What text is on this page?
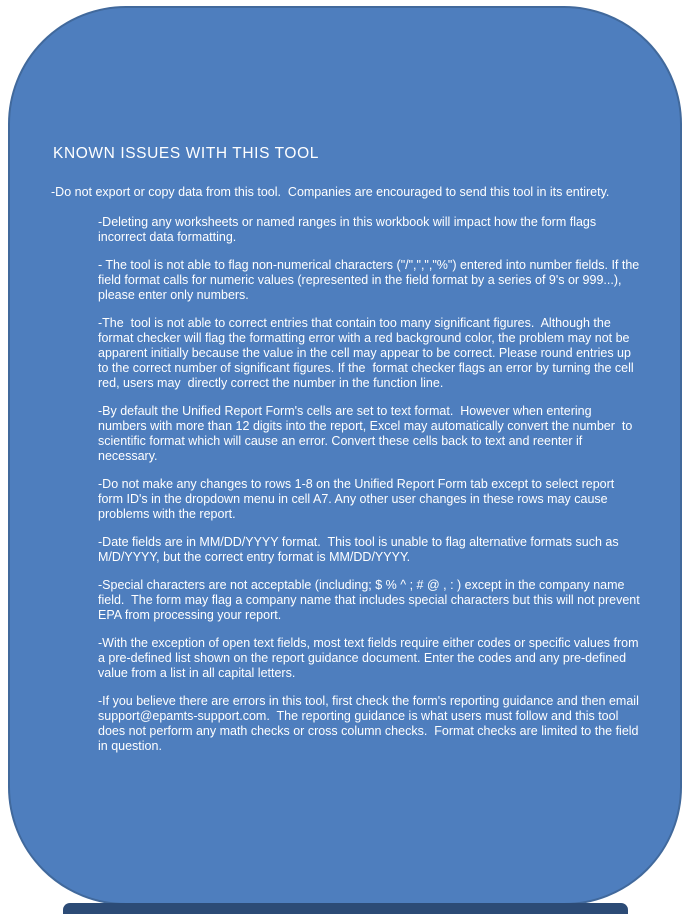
KNOWN ISSUES WITH THIS TOOL

-Do not export or copy data from this tool.  Companies are encouraged to send this tool in its entirety.

-Deleting any worksheets or named ranges in this workbook will impact how the form flags incorrect data formatting.

- The tool is not able to flag non-numerical characters ("/",",","%") entered into number fields. If the field format calls for numeric values (represented in the field format by a series of 9's or 999...), please enter only numbers.

-The  tool is not able to correct entries that contain too many significant figures.  Although the format checker will flag the formatting error with a red background color, the problem may not be apparent initially because the value in the cell may appear to be correct. Please round entries up to the correct number of significant figures. If the  format checker flags an error by turning the cell red, users may  directly correct the number in the function line.

-By default the Unified Report Form's cells are set to text format.  However when entering numbers with more than 12 digits into the report, Excel may automatically convert the number  to scientific format which will cause an error. Convert these cells back to text and reenter if necessary.

-Do not make any changes to rows 1-8 on the Unified Report Form tab except to select report form ID's in the dropdown menu in cell A7. Any other user changes in these rows may cause problems with the report.

-Date fields are in MM/DD/YYYY format.  This tool is unable to flag alternative formats such as M/D/YYYY, but the correct entry format is MM/DD/YYYY.

-Special characters are not acceptable (including; $ % ^ ; # @ , : ) except in the company name field.  The form may flag a company name that includes special characters but this will not prevent EPA from processing your report.

-With the exception of open text fields, most text fields require either codes or specific values from a pre-defined list shown on the report guidance document. Enter the codes and any pre-defined value from a list in all capital letters.

-If you believe there are errors in this tool, first check the form's reporting guidance and then email  support@epamts-support.com.  The reporting guidance is what users must follow and this tool does not perform any math checks or cross column checks.  Format checks are limited to the field in question.
